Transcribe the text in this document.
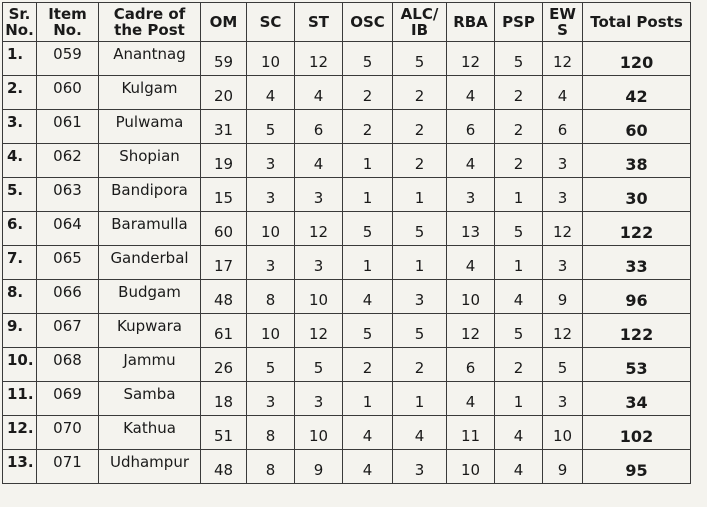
Sr. No.	Item No.	Cadre of the Post	OM	SC	ST	OSC	ALC/ IB	RBA	PSP	EW S	Total Posts
1.	059	Anantnag	59	10	12	5	5	12	5	12	120
2.	060	Kulgam	20	4	4	2	2	4	2	4	42
3.	061	Pulwama	31	5	6	2	2	6	2	6	60
4.	062	Shopian	19	3	4	1	2	4	2	3	38
5.	063	Bandipora	15	3	3	1	1	3	1	3	30
6.	064	Baramulla	60	10	12	5	5	13	5	12	122
7.	065	Ganderbal	17	3	3	1	1	4	1	3	33
8.	066	Budgam	48	8	10	4	3	10	4	9	96
9.	067	Kupwara	61	10	12	5	5	12	5	12	122
10.	068	Jammu	26	5	5	2	2	6	2	5	53
11.	069	Samba	18	3	3	1	1	4	1	3	34
12.	070	Kathua	51	8	10	4	4	11	4	10	102
13.	071	Udhampur	48	8	9	4	3	10	4	9	95
